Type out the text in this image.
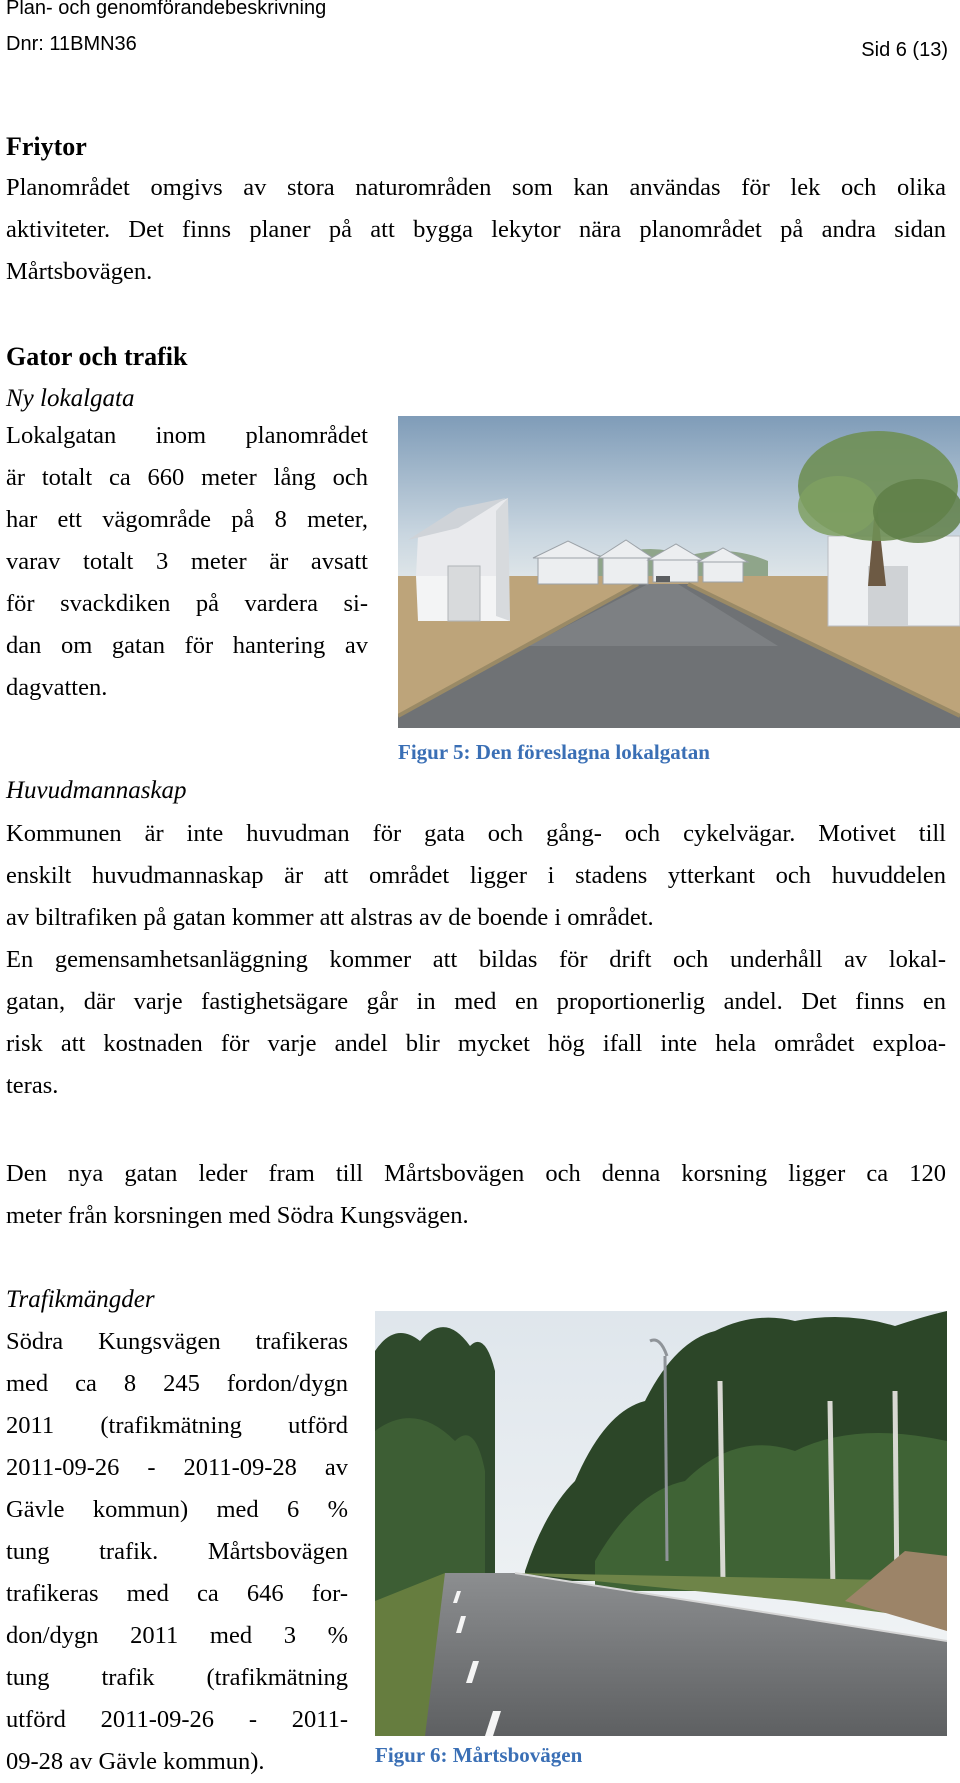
Plan- och genomförandebeskrivning
Dnr: 11BMN36	Sid 6 (13)
Friytor
Planområdet omgivs av stora naturområden som kan användas för lek och olika
aktiviteter. Det finns planer på att bygga lekytor nära planområdet på andra sidan
Mårtsbovägen.
Gator och trafik
Ny lokalgata
Lokalgatan inom planområdet
är totalt ca 660 meter lång och
har ett vägområde på 8 meter,
varav totalt 3 meter är avsatt
för svackdiken på vardera si-
dan om gatan för hantering av
dagvatten.
Figur 5: Den föreslagna lokalgatan
Huvudmannaskap
Kommunen är inte huvudman för gata och gång- och cykelvägar. Motivet till
enskilt huvudmannaskap är att området ligger i stadens ytterkant och huvuddelen
av biltrafiken på gatan kommer att alstras av de boende i området.
En gemensamhetsanläggning kommer att bildas för drift och underhåll av lokal-
gatan, där varje fastighetsägare går in med en proportionerlig andel. Det finns en
risk att kostnaden för varje andel blir mycket hög ifall inte hela området exploa-
teras.
Den nya gatan leder fram till Mårtsbovägen och denna korsning ligger ca 120
meter från korsningen med Södra Kungsvägen.
Trafikmängder
Södra Kungsvägen trafikeras
med ca 8 245 fordon/dygn
2011 (trafikmätning utförd
2011-09-26 - 2011-09-28 av
Gävle kommun) med 6 %
tung trafik. Mårtsbovägen
trafikeras med ca 646 for-
don/dygn 2011 med 3 %
tung trafik (trafikmätning
utförd 2011-09-26 - 2011-
09-28 av Gävle kommun).	Figur 6: Mårtsbovägen
